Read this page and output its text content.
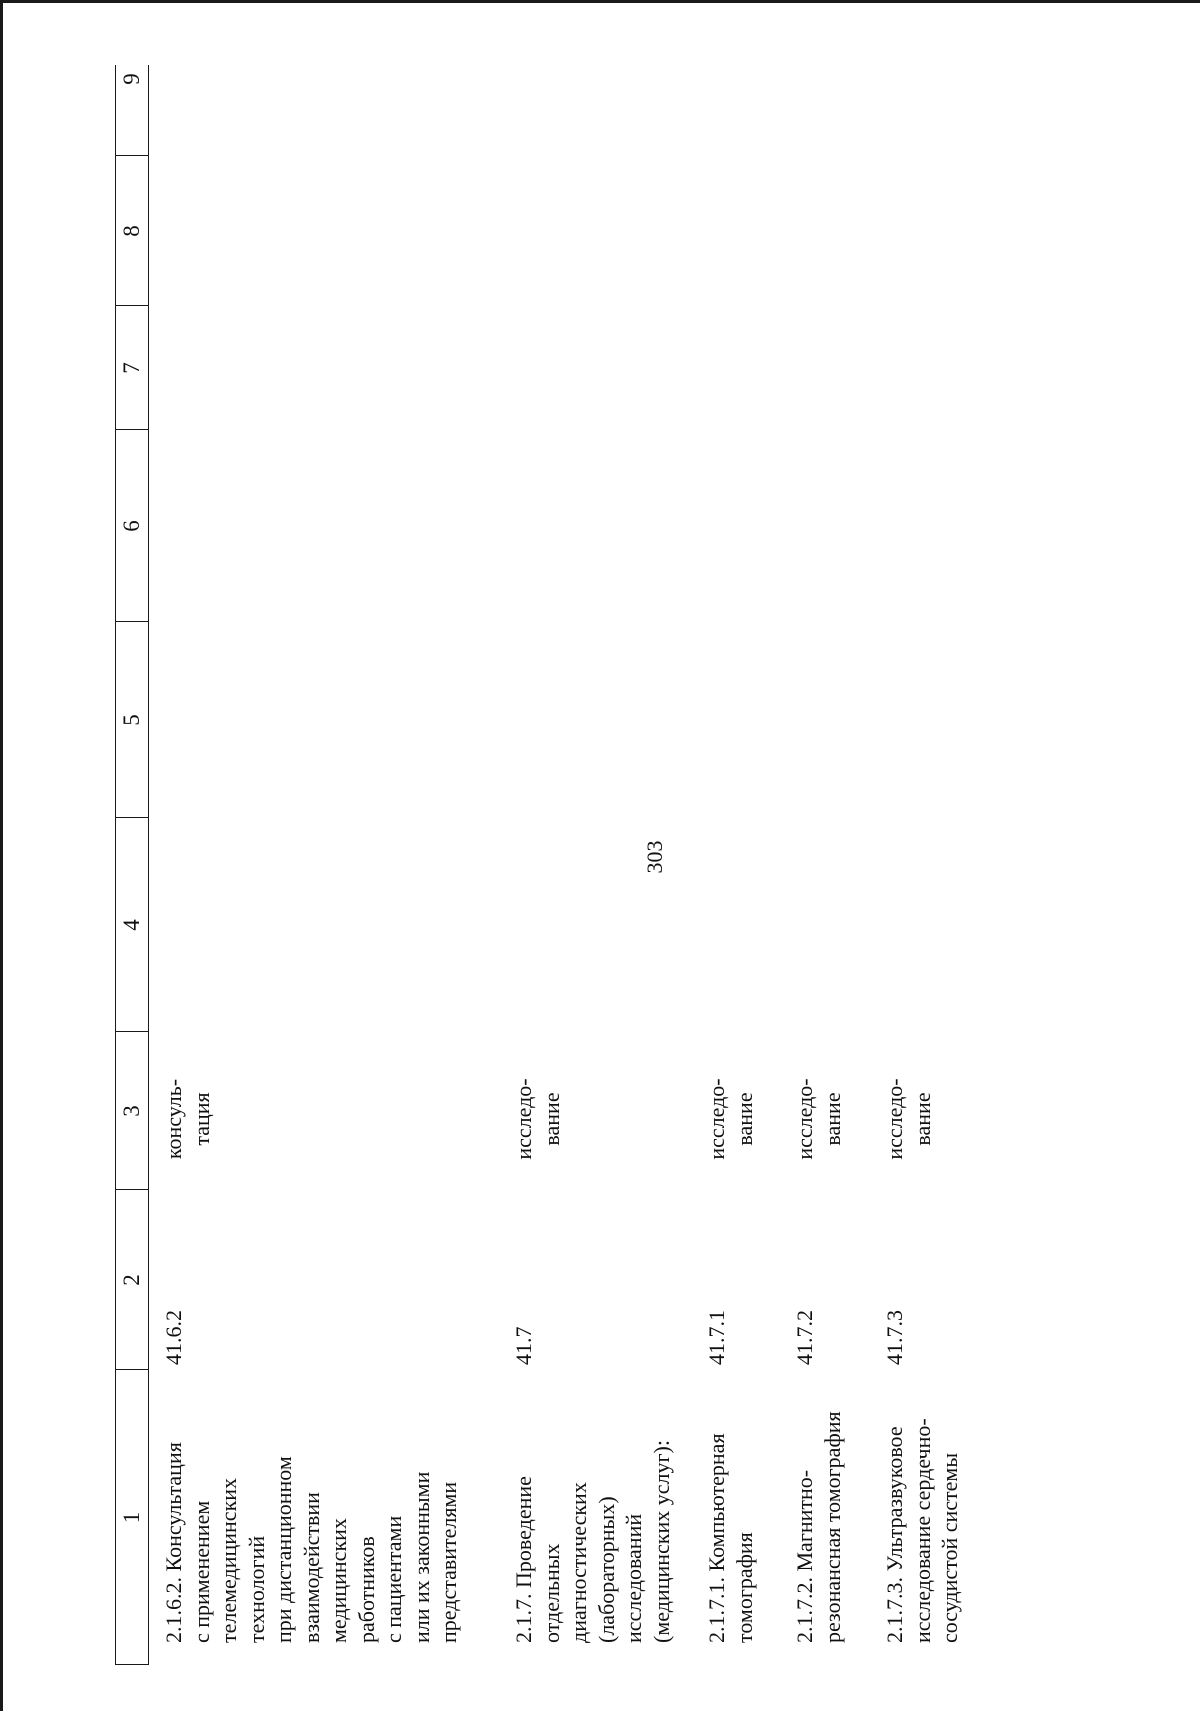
303
1
2
3
4
5
6
7
8
9
2.1.6.2. Консультация
с применением
телемедицинских
технологий
при дистанционном
взаимодействии
медицинских
работников
с пациентами
или их законными
представителями
41.6.2
консуль-
тация
2.1.7. Проведение
отдельных
диагностических
(лабораторных)
исследований
(медицинских услуг):
41.7
исследо-
вание
2.1.7.1. Компьютерная
томография
41.7.1
исследо-
вание
2.1.7.2. Магнитно-
резонансная томография
41.7.2
исследо-
вание
2.1.7.3. Ультразвуковое
исследование сердечно-
сосудистой системы
41.7.3
исследо-
вание
